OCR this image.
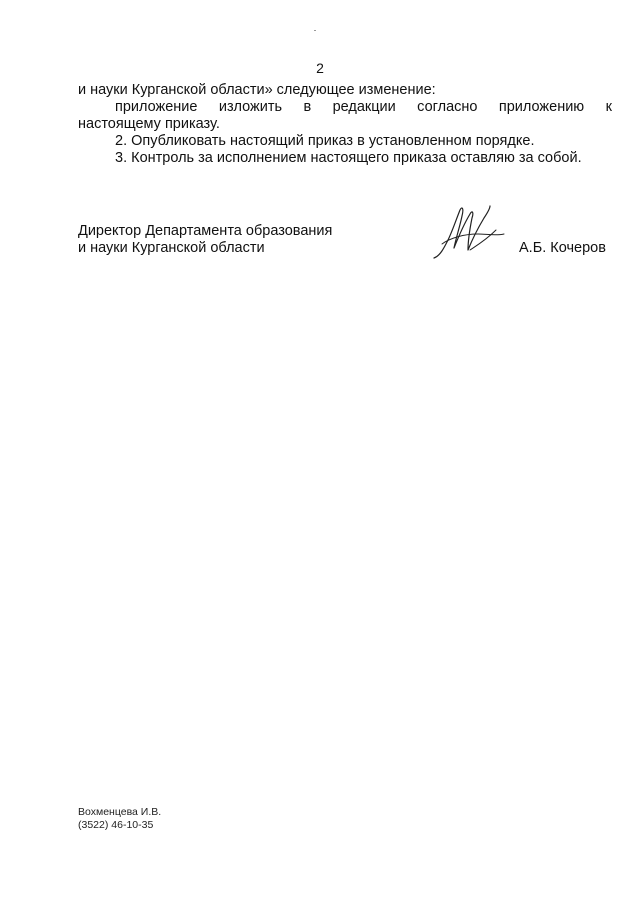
2
и науки Курганской области» следующее изменение:
приложение изложить в редакции согласно приложению к
настоящему приказу.
2. Опубликовать настоящий приказ в установленном порядке.
3. Контроль за исполнением настоящего приказа оставляю за собой.
Директор Департамента образования
и науки Курганской области	А.Б. Кочеров
Вохменцева И.В.
(3522) 46-10-35
